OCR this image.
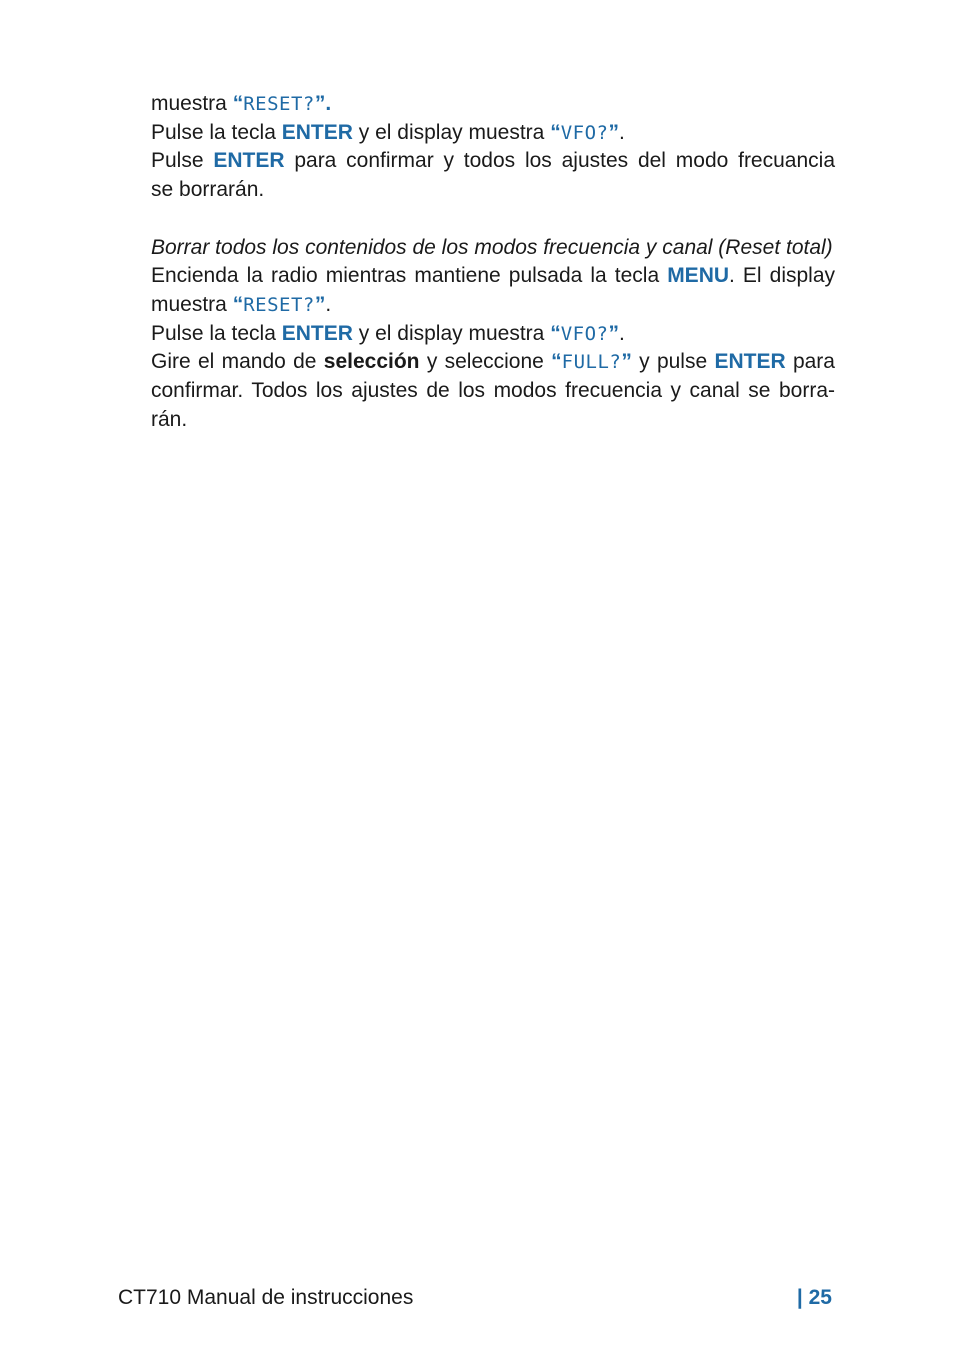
muestra “RESET?”.
Pulse la tecla ENTER y el display muestra “VFO?”.
Pulse ENTER para confirmar y todos los ajustes del modo frecuancia
se borrarán.
Borrar todos los contenidos de los modos frecuencia y canal (Reset total)
Encienda la radio mientras mantiene pulsada la tecla MENU. El display
muestra “RESET?”.
Pulse la tecla ENTER y el display muestra “VFO?”.
Gire el mando de selección y seleccione “FULL?” y pulse ENTER para
confirmar. Todos los ajustes de los modos frecuencia y canal se borra-
rán.
CT710 Manual de instrucciones	| 25
